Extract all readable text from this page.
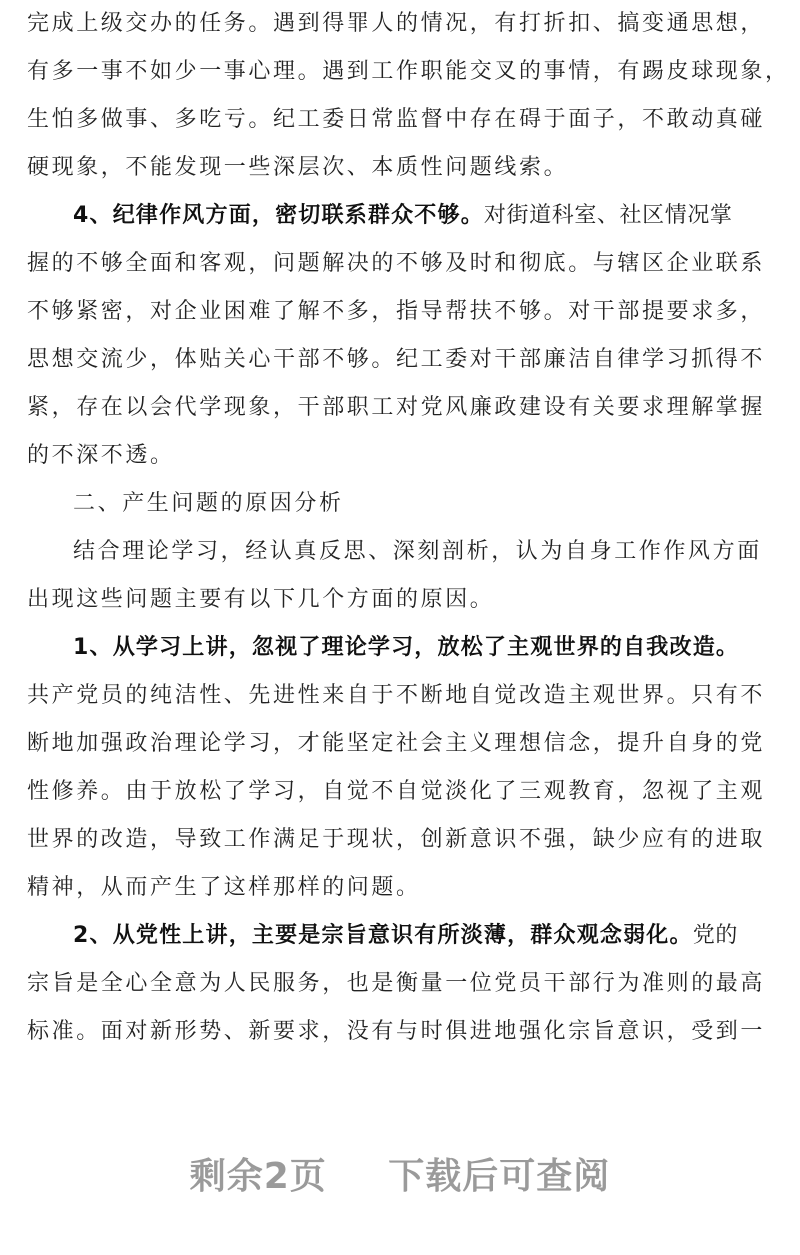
完成上级交办的任务。遇到得罪人的情况，有打折扣、搞变通思想，
有多一事不如少一事心理。遇到工作职能交叉的事情，有踢皮球现象，
生怕多做事、多吃亏。纪工委日常监督中存在碍于面子，不敢动真碰
硬现象，不能发现一些深层次、本质性问题线索。
4、纪律作风方面，密切联系群众不够。对街道科室、社区情况掌
握的不够全面和客观，问题解决的不够及时和彻底。与辖区企业联系
不够紧密，对企业困难了解不多，指导帮扶不够。对干部提要求多，
思想交流少，体贴关心干部不够。纪工委对干部廉洁自律学习抓得不
紧，存在以会代学现象，干部职工对党风廉政建设有关要求理解掌握
的不深不透。
二、产生问题的原因分析
结合理论学习，经认真反思、深刻剖析，认为自身工作作风方面
出现这些问题主要有以下几个方面的原因。
1、从学习上讲，忽视了理论学习，放松了主观世界的自我改造。
共产党员的纯洁性、先进性来自于不断地自觉改造主观世界。只有不
断地加强政治理论学习，才能坚定社会主义理想信念，提升自身的党
性修养。由于放松了学习，自觉不自觉淡化了三观教育，忽视了主观
世界的改造，导致工作满足于现状，创新意识不强，缺少应有的进取
精神，从而产生了这样那样的问题。
2、从党性上讲，主要是宗旨意识有所淡薄，群众观念弱化。党的
宗旨是全心全意为人民服务，也是衡量一位党员干部行为准则的最高
标准。面对新形势、新要求，没有与时俱进地强化宗旨意识，受到一
剩余2页 下载后可查阅
